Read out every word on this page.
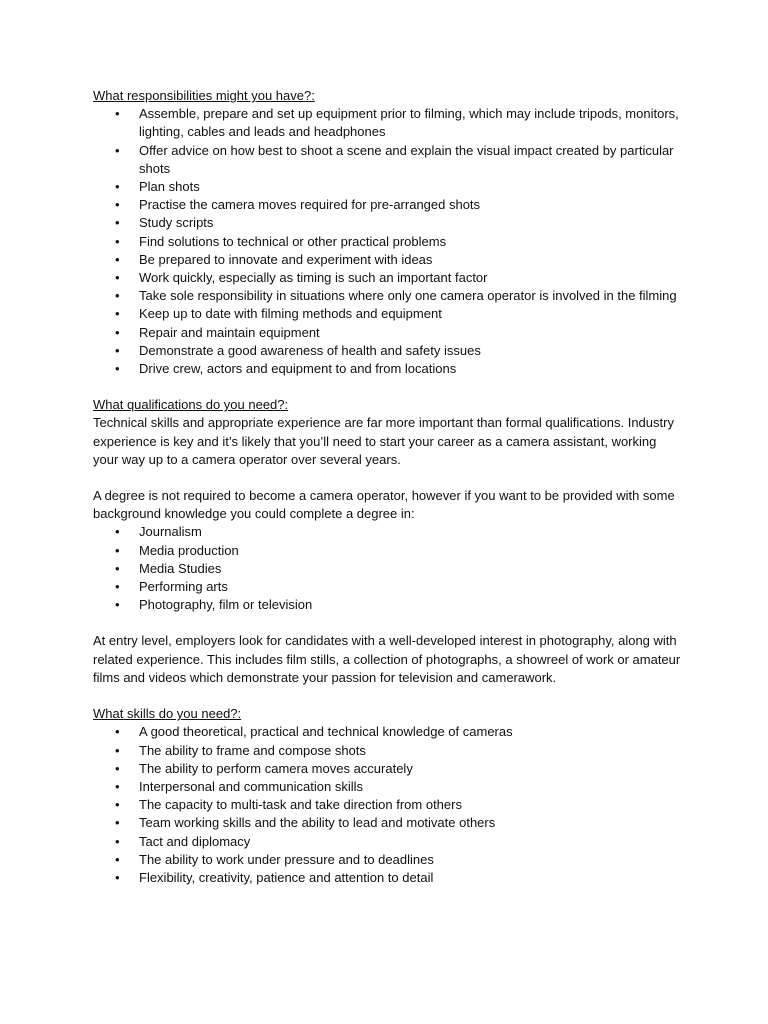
What responsibilities might you have?:

• Assemble, prepare and set up equipment prior to filming, which may include tripods, monitors, lighting, cables and leads and headphones
• Offer advice on how best to shoot a scene and explain the visual impact created by particular shots
• Plan shots
• Practise the camera moves required for pre-arranged shots
• Study scripts
• Find solutions to technical or other practical problems
• Be prepared to innovate and experiment with ideas
• Work quickly, especially as timing is such an important factor
• Take sole responsibility in situations where only one camera operator is involved in the filming
• Keep up to date with filming methods and equipment
• Repair and maintain equipment
• Demonstrate a good awareness of health and safety issues
• Drive crew, actors and equipment to and from locations

What qualifications do you need?:

Technical skills and appropriate experience are far more important than formal qualifications. Industry experience is key and it’s likely that you’ll need to start your career as a camera assistant, working your way up to a camera operator over several years.

A degree is not required to become a camera operator, however if you want to be provided with some background knowledge you could complete a degree in:

• Journalism
• Media production
• Media Studies
• Performing arts
• Photography, film or television

At entry level, employers look for candidates with a well-developed interest in photography, along with related experience. This includes film stills, a collection of photographs, a showreel of work or amateur films and videos which demonstrate your passion for television and camerawork.

What skills do you need?:

• A good theoretical, practical and technical knowledge of cameras
• The ability to frame and compose shots
• The ability to perform camera moves accurately
• Interpersonal and communication skills
• The capacity to multi-task and take direction from others
• Team working skills and the ability to lead and motivate others
• Tact and diplomacy
• The ability to work under pressure and to deadlines
• Flexibility, creativity, patience and attention to detail
